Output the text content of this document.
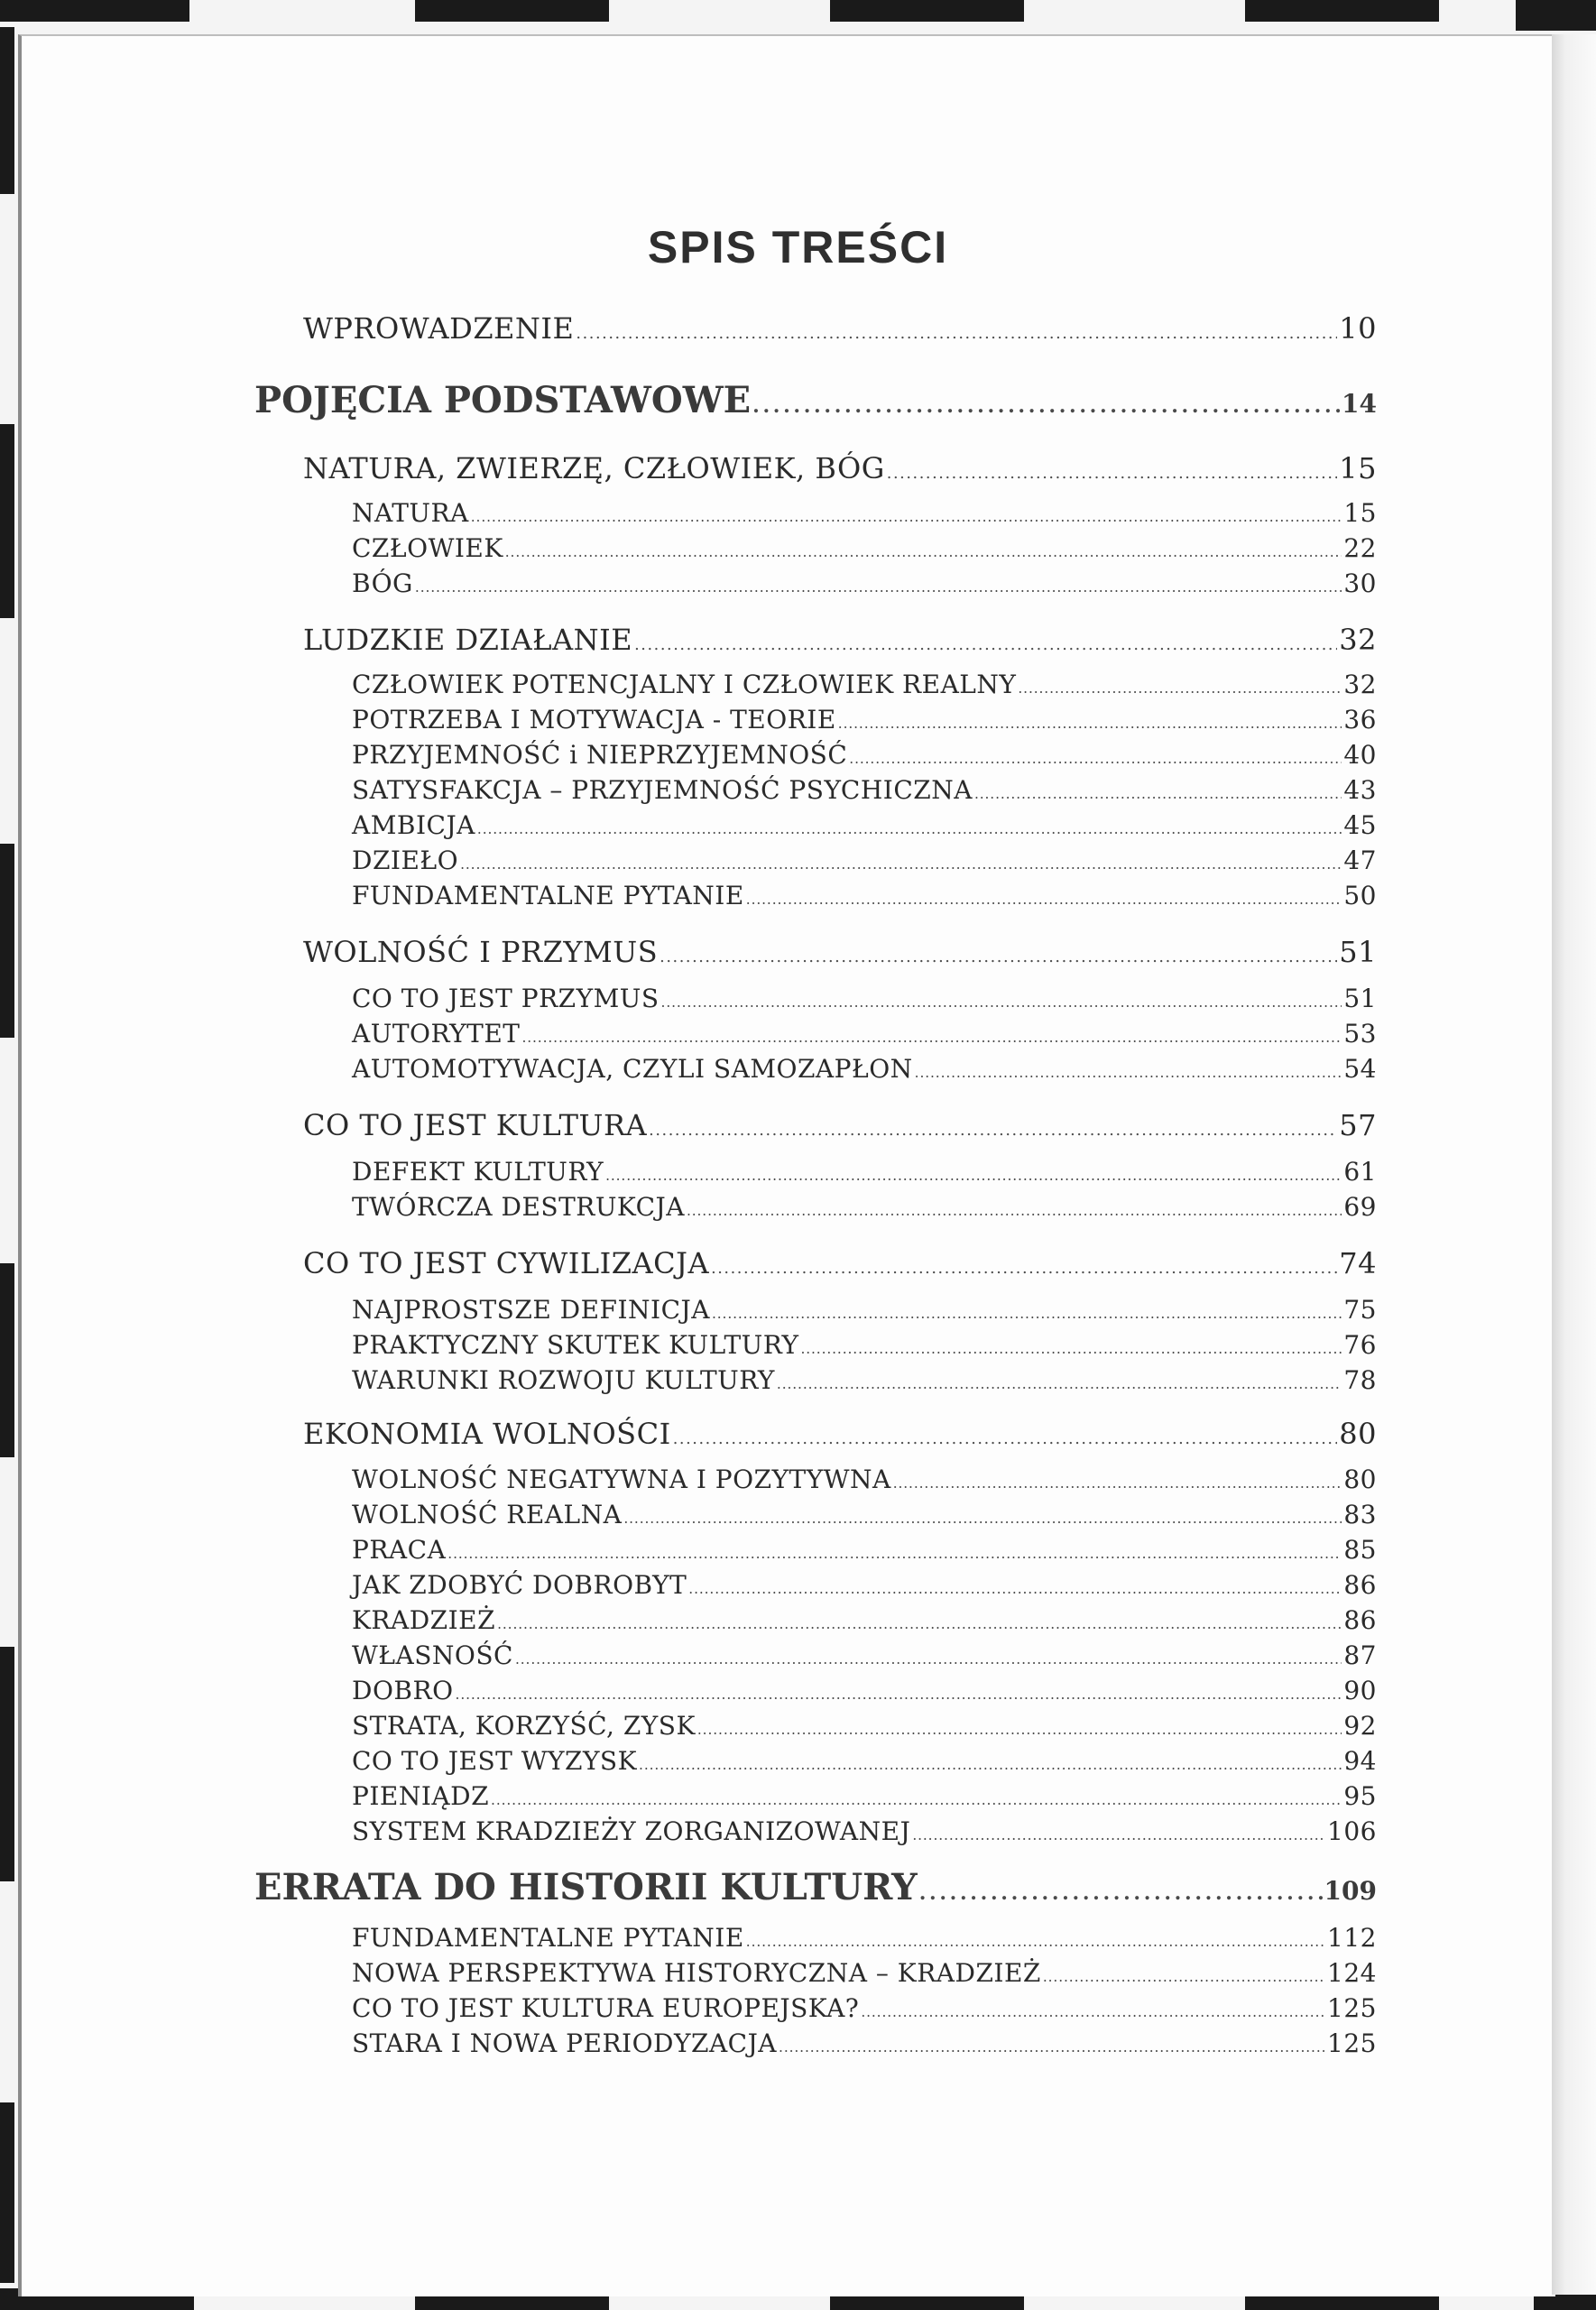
SPIS TREŚCI
WPROWADZENIE . . .	10
POJĘCIA PODSTAWOWE . . .	14
NATURA, ZWIERZĘ, CZŁOWIEK, BÓG . . .	15
NATURA . . .	15
CZŁOWIEK . . .	22
BÓG . . .	30
LUDZKIE DZIAŁANIE . . .	32
CZŁOWIEK POTENCJALNY I CZŁOWIEK REALNY . . .	32
POTRZEBA I MOTYWACJA - TEORIE . . .	36
PRZYJEMNOŚĆ i NIEPRZYJEMNOŚĆ . . .	40
SATYSFAKCJA – PRZYJEMNOŚĆ PSYCHICZNA . . .	43
AMBICJA . . .	45
DZIEŁO . . .	47
FUNDAMENTALNE PYTANIE . . .	50
WOLNOŚĆ I PRZYMUS . . .	51
CO TO JEST PRZYMUS . . .	51
AUTORYTET . . .	53
AUTOMOTYWACJA, CZYLI SAMOZAPŁON . . .	54
CO TO JEST KULTURA . . .	57
DEFEKT KULTURY . . .	61
TWÓRCZA DESTRUKCJA . . .	69
CO TO JEST CYWILIZACJA . . .	74
NAJPROSTSZE DEFINICJA . . .	75
PRAKTYCZNY SKUTEK KULTURY . . .	76
WARUNKI ROZWOJU KULTURY . . .	78
EKONOMIA WOLNOŚCI . . .	80
WOLNOŚĆ NEGATYWNA I POZYTYWNA . . .	80
WOLNOŚĆ REALNA . . .	83
PRACA . . .	85
JAK ZDOBYĆ DOBROBYT . . .	86
KRADZIEŻ . . .	86
WŁASNOŚĆ . . .	87
DOBRO . . .	90
STRATA, KORZYŚĆ, ZYSK . . .	92
CO TO JEST WYZYSK . . .	94
PIENIĄDZ . . .	95
SYSTEM KRADZIEŻY ZORGANIZOWANEJ . . .	106
ERRATA DO HISTORII KULTURY . . .	109
FUNDAMENTALNE PYTANIE . . .	112
NOWA PERSPEKTYWA HISTORYCZNA – KRADZIEŻ . . .	124
CO TO JEST KULTURA EUROPEJSKA? . . .	125
STARA I NOWA PERIODYZACJA . . .	125
